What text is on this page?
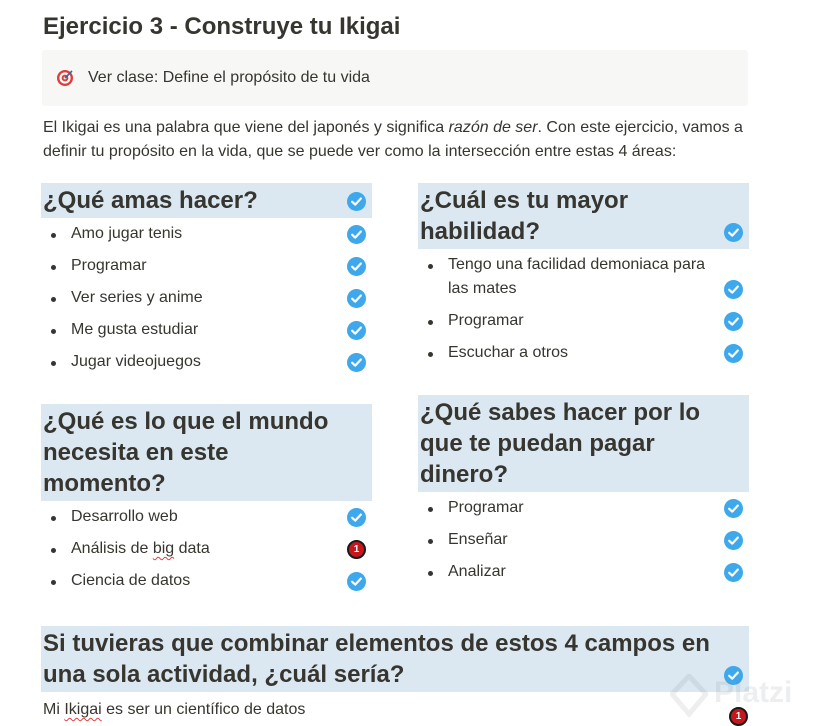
Ejercicio 3 - Construye tu Ikigai
Ver clase: Define el propósito de tu vida
El Ikigai es una palabra que viene del japonés y significa razón de ser. Con este ejercicio, vamos a definir tu propósito en la vida, que se puede ver como la intersección entre estas 4 áreas:
¿Qué amas hacer?
Amo jugar tenis
Programar
Ver series y anime
Me gusta estudiar
Jugar videojuegos
¿Cuál es tu mayor habilidad?
Tengo una facilidad demoniaca para las mates
Programar
Escuchar a otros
¿Qué es lo que el mundo necesita en este momento?
Desarrollo web
Análisis de big data	1
Ciencia de datos
¿Qué sabes hacer por lo que te puedan pagar dinero?
Programar
Enseñar
Analizar
Si tuvieras que combinar elementos de estos 4 campos en una sola actividad, ¿cuál sería?
Mi Ikigai es ser un científico de datos	1
Platzi
